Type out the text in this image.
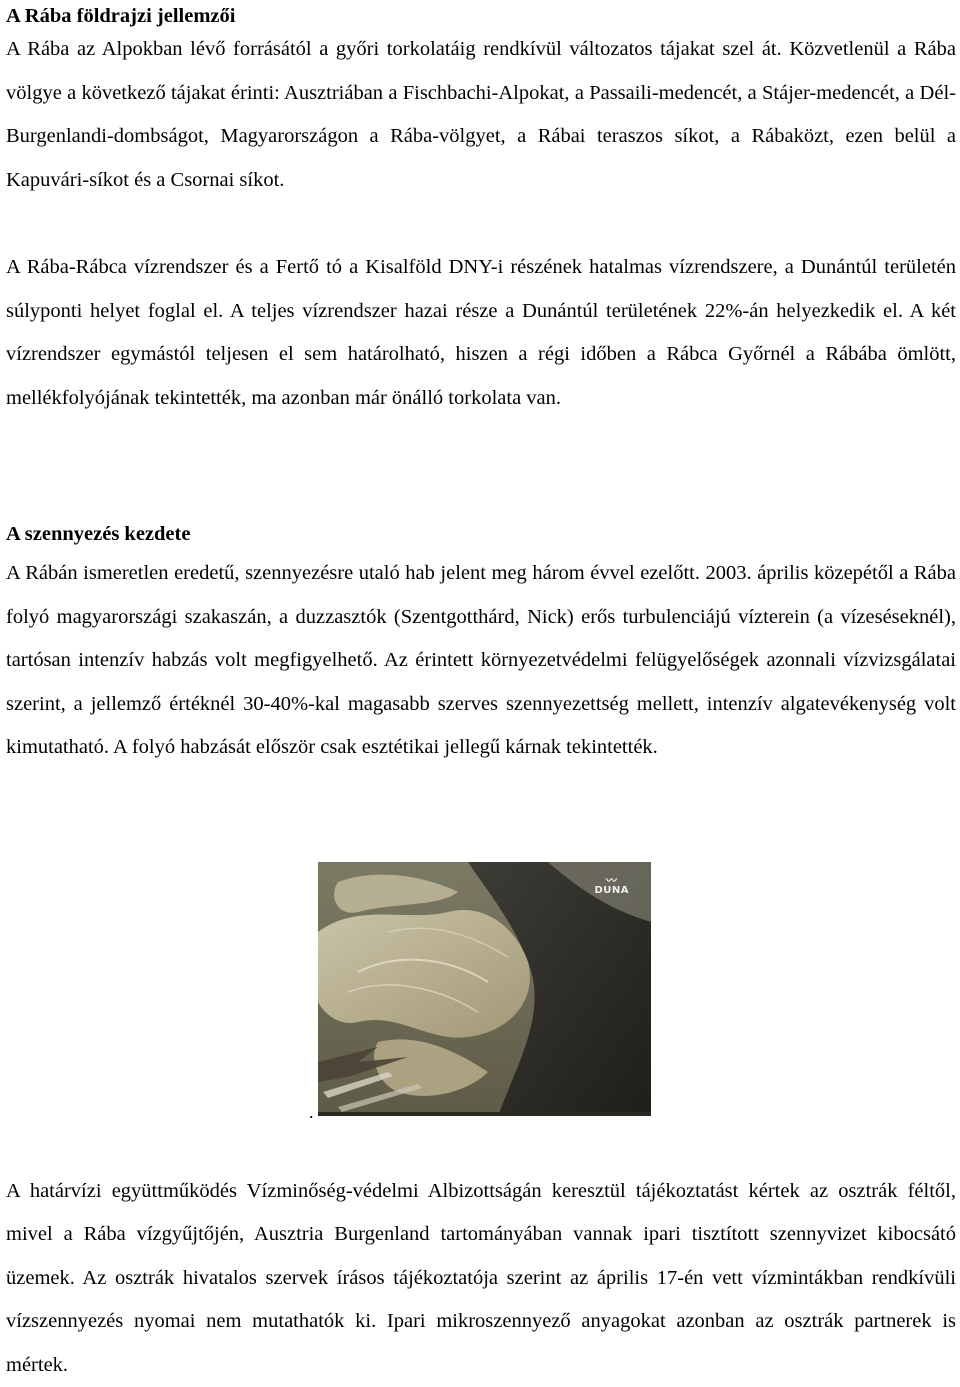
A Rába földrajzi jellemzői

A Rába az Alpokban lévő forrásától a győri torkolatáig rendkívül változatos tájakat szel át. Közvetlenül a Rába völgye a következő tájakat érinti: Ausztriában a Fischbachi-Alpokat, a Passaili-medencét, a Stájer-medencét, a Dél-Burgenlandi-dombságot, Magyarországon a Rába-völgyet, a Rábai teraszos síkot, a Rábaközt, ezen belül a Kapuvári-síkot és a Csornai síkot.

A Rába-Rábca vízrendszer és a Fertő tó a Kisalföld DNY-i részének hatalmas vízrendszere, a Dunántúl területén súlyponti helyet foglal el. A teljes vízrendszer hazai része a Dunántúl területének 22%-án helyezkedik el. A két vízrendszer egymástól teljesen el sem határolható, hiszen a régi időben a Rábca Győrnél a Rábába ömlött, mellékfolyójának tekintették, ma azonban már önálló torkolata van.

A szennyezés kezdete

A Rábán ismeretlen eredetű, szennyezésre utaló hab jelent meg három évvel ezelőtt. 2003. április közepétől a Rába folyó magyarországi szakaszán, a duzzasztók (Szentgotthárd, Nick) erős turbulenciájú vízterein (a vízeséseknél), tartósan intenzív habzás volt megfigyelhető. Az érintett környezetvédelmi felügyelőségek azonnali vízvizsgálatai szerint, a jellemző értéknél 30-40%-kal magasabb szerves szennyezettség mellett, intenzív algatevékenység volt kimutatható. A folyó habzását először csak esztétikai jellegű kárnak tekintették.

〰
DUNA
.

A határvízi együttműködés Vízminőség-védelmi Albizottságán keresztül tájékoztatást kértek az osztrák féltől, mivel a Rába vízgyűjtőjén, Ausztria Burgenland tartományában vannak ipari tisztított szennyvizet kibocsátó üzemek. Az osztrák hivatalos szervek írásos tájékoztatója szerint az április 17-én vett vízmintákban rendkívüli vízszennyezés nyomai nem mutathatók ki. Ipari mikroszennyező anyagokat azonban az osztrák partnerek is mértek.
